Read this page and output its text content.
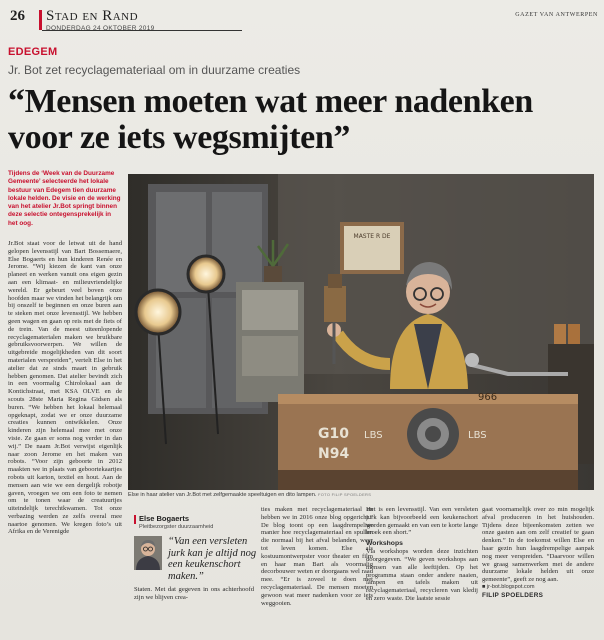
26 Stad en Rand
DONDERDAG 24 OKTOBER 2019
GAZET VAN ANTWERPEN
EDEGEM
Jr. Bot zet recyclagemateriaal om in duurzame creaties
“Mensen moeten wat meer nadenken voor ze iets wegsmijten”
Tijdens de ‘Week van de Duurzame Gemeente’ selecteerde het lokale bestuur van Edegem tien duurzame lokale helden. De visie en de werking van het atelier Jr.Bot springt binnen deze selectie ontegensprekelijk in het oog.

Jr.Bot staat voor de letwat uit de hand gelopen levensstijl van Bart Bossemaere, Else Bogaerts en hun kinderen Renée en Jerome. “Wij kiezen de kant van onze planeet en werken vanuit ons eigen gezin aan een klimaat- en milieuvriendelijke wereld. Er gebeurt veel boven onze hoofden maar we vinden het belangrijk om bij onszelf te beginnen en onze buren aan te steken met onze levensstijl. We hebben geen wagen en gaan op reis met de fiets of de trein. Van de meest uiteenlopende recyclagematerialen maken we bruikbare gebruiksvoorwerpen. We willen de uitgebreide mogelijkheden van dit soort materialen verspreiden”, vertelt Else in het atelier dat ze sinds maart in gebruik hebben genomen. Dat atelier bevindt zich in een voormalig Chirolokaal aan de Kontichstraat, met KSA OLVE en de scouts 28ste Maria Regina Gidsen als buren. “We hebben het lokaal helemaal opgeknapt, zodat we er onze duurzame creaties kunnen ontwikkelen. Onze kinderen zijn helemaal mee met onze visie. Ze gaan er soms nog verder in dan wij.” De naam Jr.Bot verwijst eigenlijk naar zoon Jerome en het maken van robots. “Voor zijn geboorte in 2012 maakten we in plaats van geboortekaartjes robots uit karton, textiel en hout. Aan de mensen aan wie we een dergelijk robotje gaven, vroegen we om een foto te nemen om te tonen waar de creatuurtjes uiteindelijk terechtkwamen. Tot onze verbazing werden ze zelfs overal mee naartoe genomen. We kregen foto’s uit Afrika en de Verenigde

MASTE R DE
G10
N94
LBS	LBS
966
Else in haar atelier van Jr.Bot met zelfgemaakte speeltuigen en dito lampen. FOTO FILIP SPOELDERS
Else Bogaerts
Pleitbezorgster duurzaamheid
“Van een versleten jurk kan je altijd nog een keukenschort maken.”

Staten. Met dat gegeven in ons achterhoofd zijn we blijven crea-

ties maken met recyclagemateriaal en hebben we in 2016 onze blog opgericht.” De blog toont op een laagdrempelige manier hoe recyclagemateriaal en spullen die normaal bij het afval belanden, weer tot leven komen. Else als kostuumontwerpster voor theater en film en haar man Bart als voormalig decorbouwer weten er doorgaans wel raad mee. “Er is zoveel te doen met recyclagemateriaal. De mensen moeten gewoon wat meer nadenken voor ze iets weggooien.

Het is een levensstijl. Van een versleten jurk kan bijvoorbeeld een keukenschort worden gemaakt en van een te korte lange broek een short.”

Workshops

Via workshops worden deze inzichten doorgegeven. “We geven workshops aan mensen van alle leeftijden. Op het programma staan onder andere naaien, lampen en tafels maken uit recyclagemateriaal, recycleren van kledij en zero waste. Die laatste sessie

gaat voornamelijk over zo min mogelijk afval produceren in het huishouden. Tijdens deze bijeenkomsten zetten we onze gasten aan om zelf creatief te gaan denken.” In de toekomst willen Else en haar gezin hun laagdrempelige aanpak nog meer verspreiden. “Daarvoor willen we graag samenwerken met de andere duurzame lokale helden uit onze gemeente”, geeft ze nog aan.

■ jr-bot.blogspot.com
FILIP SPOELDERS
